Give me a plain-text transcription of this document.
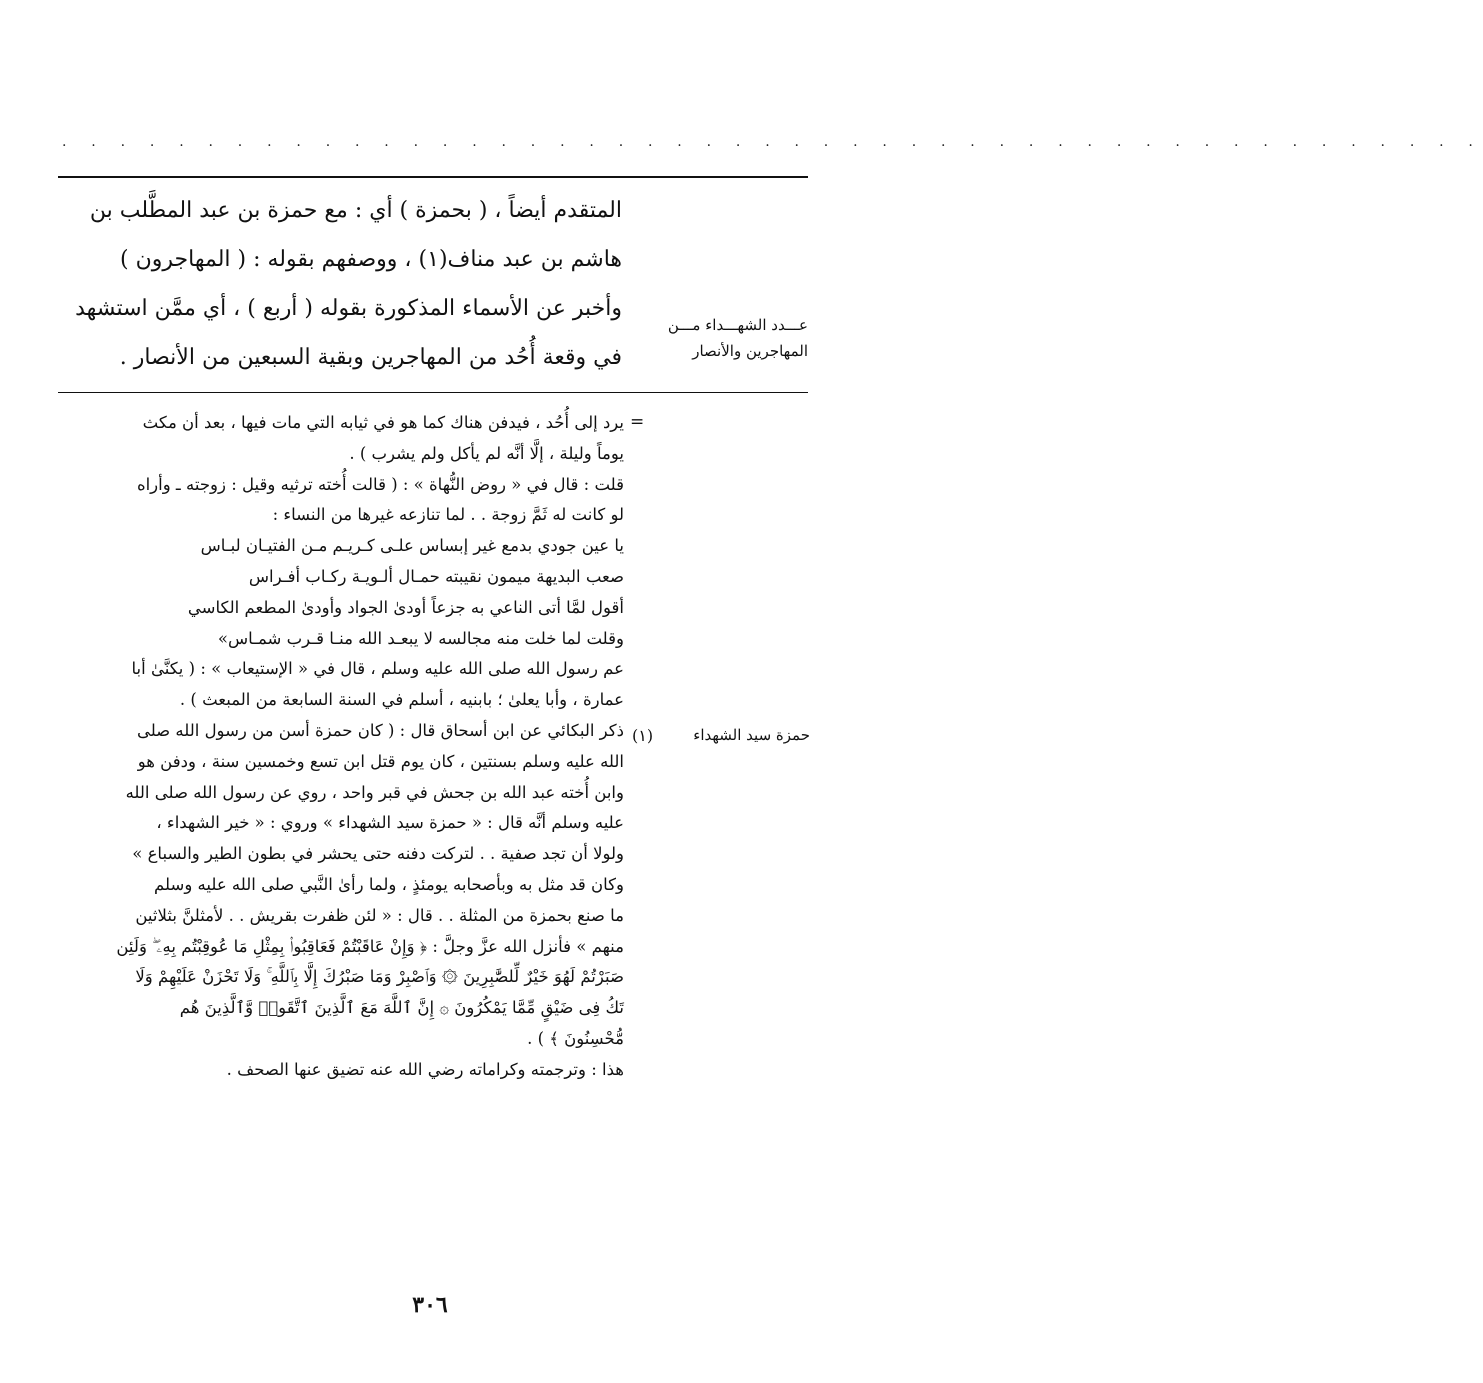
. . . . . . . . . . . . . . . . . . . . . . . . . . . . . . . . . . . . . . . . . . . . . . . . .
المتقدم أيضاً ، ( بحمزة ) أي : مع حمزة بن عبد المطَّلب بن
هاشم بن عبد مناف(١) ، ووصفهم بقوله : ( المهاجرون )
وأخبر عن الأسماء المذكورة بقوله ( أربع ) ، أي ممَّن استشهد
في وقعة أُحُد من المهاجرين وبقية السبعين من الأنصار .
عـــدد الشهـــداء مـــن
المهاجرين والأنصار
=
يرد إلى أُحُد ، فيدفن هناك كما هو في ثيابه التي مات فيها ، بعد أن مكث
يوماً وليلة ، إلَّا أنَّه لم يأكل ولم يشرب ) .
قلت : قال في « روض النُّهاة » : ( قالت أُخته ترثيه وقيل : زوجته ـ وأراه
لو كانت له ثَمَّ زوجة . . لما تنازعه غيرها من النساء :
يا عين جودي بدمع غير إبساس علـى كـريـم مـن الفتيـان لبـاس
صعب البديهة ميمون نقيبته حمـال ألـويـة ركـاب أفـراس
أقول لمَّا أتى الناعي به جزعاً أودىٰ الجواد وأودىٰ المطعم الكاسي
وقلت لما خلت منه مجالسه لا يبعـد الله منـا قـرب شمـاس»
عم رسول الله صلى الله عليه وسلم ، قال في « الإستيعاب » : ( يكنَّىٰ أبا
عمارة ، وأبا يعلىٰ ؛ بابنيه ، أسلم في السنة السابعة من المبعث ) .
ذكر البكائي عن ابن أسحاق قال : ( كان حمزة أسن من رسول الله صلى
الله عليه وسلم بسنتين ، كان يوم قتل ابن تسع وخمسين سنة ، ودفن هو
وابن أُخته عبد الله بن جحش في قبر واحد ، روي عن رسول الله صلى الله
عليه وسلم أنَّه قال : « حمزة سيد الشهداء » وروي : « خير الشهداء ،
ولولا أن تجد صفية . . لتركت دفنه حتى يحشر في بطون الطير والسباع »
وكان قد مثل به وبأصحابه يومئذٍ ، ولما رأىٰ النَّبي صلى الله عليه وسلم
ما صنع بحمزة من المثلة . . قال : « لئن ظفرت بقريش . . لأمثلنَّ بثلاثين
منهم » فأنزل الله عزَّ وجلَّ : ﴿ وَإِنْ عَاقَبْتُمْ فَعَاقِبُوا۟ بِمِثْلِ مَا عُوقِبْتُم بِهِۦ ۖ وَلَئِن
صَبَرْتُمْ لَهُوَ خَيْرٌ لِّلصَّٰبِرِينَ ۞ وَٱصْبِرْ وَمَا صَبْرُكَ إِلَّا بِٱللَّهِ ۚ وَلَا تَحْزَنْ عَلَيْهِمْ وَلَا
تَكُ فِى ضَيْقٍ مِّمَّا يَمْكُرُونَ ۞ إِنَّ ٱللَّهَ مَعَ ٱلَّذِينَ ٱتَّقَوا۟ وَّٱلَّذِينَ هُم
مُّحْسِنُونَ ﴾ ) .
هذا : وترجمته وكراماته رضي الله عنه تضيق عنها الصحف .
(١)	حمزة سيد الشهداء
٣٠٦
